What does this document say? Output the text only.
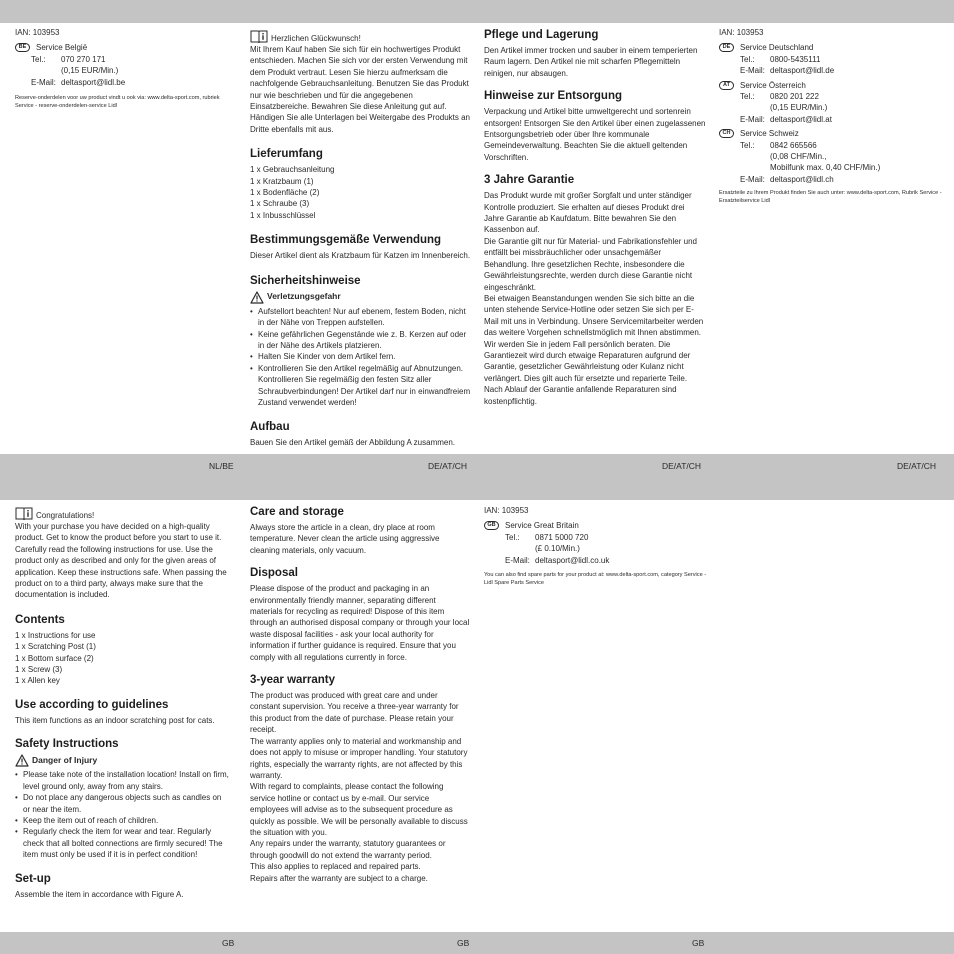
NL/BE	DE/AT/CH	DE/AT/CH	DE/AT/CH
GB	GB	GB

IAN: 103953

BE	Service België

Tel.:	070 270 171
(0,15 EUR/Min.)
E-Mail: deltasport@lidl.be

Reserve-onderdelen voor uw product vindt u ook via: www.delta-sport.com, rubriek Service - reserve-onderdelen-service Lidl

Herzlichen Glückwunsch!

Mit Ihrem Kauf haben Sie sich für ein hochwertiges Produkt entschieden. Machen Sie sich vor der ersten Verwendung mit dem Produkt vertraut. Lesen Sie hierzu aufmerksam die nachfolgende Gebrauchsanleitung. Benutzen Sie das Produkt nur wie beschrieben und für die angegebenen Einsatzbereiche. Bewahren Sie diese Anleitung gut auf. Händigen Sie alle Unterlagen bei Weitergabe des Produkts an Dritte ebenfalls mit aus.

Lieferumfang

1 x Gebrauchsanleitung

1 x Kratzbaum (1)

1 x Bodenfläche (2)

1 x Schraube (3)

1 x Inbusschlüssel

Bestimmungsgemäße Verwendung

Dieser Artikel dient als Kratzbaum für Katzen im Innenbereich.

Sicherheitshinweise

Verletzungsgefahr
• Aufstellort beachten! Nur auf ebenem, festem Boden, nicht in der Nähe von Treppen aufstellen.
• Keine gefährlichen Gegenstände wie z. B. Kerzen auf oder in der Nähe des Artikels platzieren.
• Halten Sie Kinder von dem Artikel fern.
• Kontrollieren Sie den Artikel regelmäßig auf Abnutzungen. Kontrollieren Sie regelmäßig den festen Sitz aller Schraubverbindungen! Der Artikel darf nur in einwandfreiem Zustand verwendet werden!

Aufbau

Bauen Sie den Artikel gemäß der Abbildung A zusammen.

Pflege und Lagerung

Den Artikel immer trocken und sauber in einem temperierten Raum lagern. Den Artikel nie mit scharfen Pflegemitteln reinigen, nur absaugen.

Hinweise zur Entsorgung

Verpackung und Artikel bitte umweltgerecht und sortenrein entsorgen! Entsorgen Sie den Artikel über einen zugelassenen Entsorgungsbetrieb oder über Ihre kommunale Gemeindeverwaltung. Beachten Sie die aktuell geltenden Vorschriften.

3 Jahre Garantie

Das Produkt wurde mit großer Sorgfalt und unter ständiger Kontrolle produziert. Sie erhalten auf dieses Produkt drei Jahre Garantie ab Kaufdatum. Bitte bewahren Sie den Kassenbon auf.

Die Garantie gilt nur für Material- und Fabrikationsfehler und entfällt bei missbräuchlicher oder unsachgemäßer Behandlung. Ihre gesetzlichen Rechte, insbesondere die Gewährleistungsrechte, werden durch diese Garantie nicht eingeschränkt.

Bei etwaigen Beanstandungen wenden Sie sich bitte an die unten stehende Service-Hotline oder setzen Sie sich per E-Mail mit uns in Verbindung. Unsere Servicemitarbeiter werden das weitere Vorgehen schnellstmöglich mit Ihnen abstimmen. Wir werden Sie in jedem Fall persönlich beraten. Die Garantiezeit wird durch etwaige Reparaturen aufgrund der Garantie, gesetzlicher Gewährleistung oder Kulanz nicht verlängert. Dies gilt auch für ersetzte und reparierte Teile. Nach Ablauf der Garantie anfallende Reparaturen sind kostenpflichtig.

IAN: 103953

DE	Service Deutschland

Tel.:	0800-5435111
E-Mail: deltasport@lidl.de
AT	Service Österreich

Tel.:	0820 201 222
(0,15 EUR/Min.)
E-Mail: deltasport@lidl.at
CH	Service Schweiz

Tel.:	0842 665566
(0,08 CHF/Min.,
Mobilfunk max. 0,40 CHF/Min.)
E-Mail: deltasport@lidl.ch

Ersatzteile zu Ihrem Produkt finden Sie auch unter: www.delta-sport.com, Rubrik Service - Ersatzteilservice Lidl

Congratulations!

With your purchase you have decided on a high-quality product. Get to know the product before you start to use it. Carefully read the following instructions for use. Use the product only as described and only for the given areas of application. Keep these instructions safe. When passing the product on to a third party, always make sure that the documentation is included.

Contents

1 x Instructions for use

1 x Scratching Post (1)

1 x Bottom surface (2)

1 x Screw (3)

1 x Allen key

Use according to guidelines

This item functions as an indoor scratching post for cats.

Safety Instructions

Danger of Injury
• Please take note of the installation location! Install on firm, level ground only, away from any stairs.
• Do not place any dangerous objects such as candles on or near the item.
• Keep the item out of reach of children.
• Regularly check the item for wear and tear. Regularly check that all bolted connections are firmly secured! The item must only be used if it is in perfect condition!

Set-up

Assemble the item in accordance with Figure A.

Care and storage

Always store the article in a clean, dry place at room temperature. Never clean the article using aggressive cleaning materials, only vacuum.

Disposal

Please dispose of the product and packaging in an environmentally friendly manner, separating different materials for recycling as required! Dispose of this item through an authorised disposal company or through your local waste disposal facilities - ask your local authority for information if further guidance is required. Ensure that you comply with all regulations currently in force.

3-year warranty

The product was produced with great care and under constant supervision. You receive a three-year warranty for this product from the date of purchase. Please retain your receipt.

The warranty applies only to material and workmanship and does not apply to misuse or improper handling. Your statutory rights, especially the warranty rights, are not affected by this warranty.

With regard to complaints, please contact the following service hotline or contact us by e-mail. Our service employees will advise as to the subsequent procedure as quickly as possible. We will be personally available to discuss the situation with you.

Any repairs under the warranty, statutory guarantees or through goodwill do not extend the warranty period.

This also applies to replaced and repaired parts.

Repairs after the warranty are subject to a charge.

IAN: 103953

GB	Service Great Britain

Tel.:	0871 5000 720
(£ 0.10/Min.)
E-Mail: deltasport@lidl.co.uk

You can also find spare parts for your product at: www.delta-sport.com, category Service - Lidl Spare Parts Service
